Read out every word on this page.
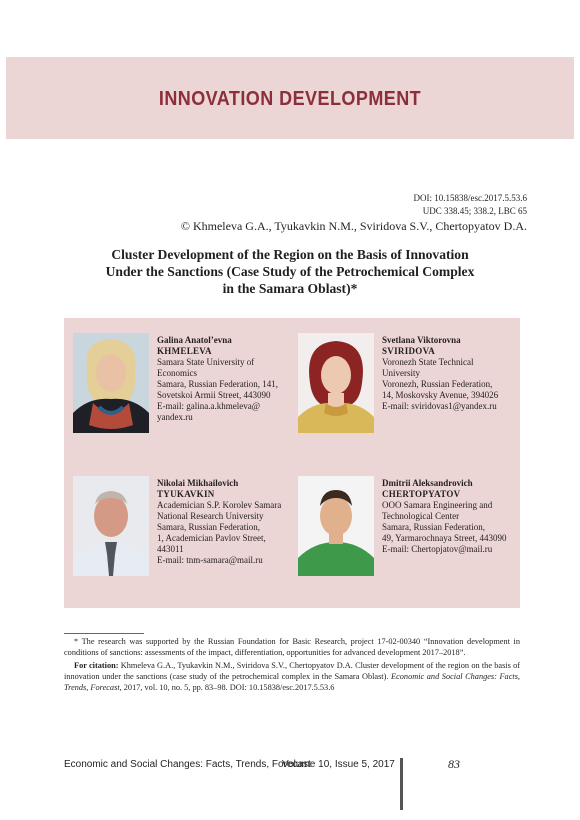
INNOVATION DEVELOPMENT
DOI: 10.15838/esc.2017.5.53.6
UDC 338.45; 338.2, LBC 65
© Khmeleva G.A., Tyukavkin N.M., Sviridova S.V., Chertopyatov D.A.
Cluster Development of the Region on the Basis of Innovation
Under the Sanctions (Case Study of the Petrochemical Complex
in the Samara Oblast)*
Galina Anatol’evna
KHMELEVA
Samara State University of
Economics
Samara, Russian Federation, 141,
Sovetskoi Armii Street, 443090
E-mail: galina.a.khmeleva@
yandex.ru
Svetlana Viktorovna
SVIRIDOVA
Voronezh State Technical
University
Voronezh, Russian Federation,
14, Moskovsky Avenue, 394026
E-mail: sviridovas1@yandex.ru
Nikolai Mikhailovich
TYUKAVKIN
Academician S.P. Korolev Samara
National Research University
Samara, Russian Federation,
1, Academician Pavlov Street,
443011
E-mail: tnm-samara@mail.ru
Dmitrii Aleksandrovich
CHERTOPYATOV
OOO Samara Engineering and
Technological Center
Samara, Russian Federation,
49, Yarmarochnaya Street, 443090
E-mail: Chertopjatov@mail.ru
* The research was supported by the Russian Foundation for Basic Research, project 17-02-00340 “Innovation development in conditions of sanctions: assessments of the impact, differentiation, opportunities for advanced development 2017–2018”.
For citation: Khmeleva G.A., Tyukavkin N.M., Sviridova S.V., Chertopyatov D.A. Cluster development of the region on the basis of innovation under the sanctions (case study of the petrochemical complex in the Samara Oblast). Economic and Social Changes: Facts, Trends, Forecast, 2017, vol. 10, no. 5, pp. 83–98. DOI: 10.15838/esc.2017.5.53.6
Economic and Social Changes: Facts, Trends, Forecast
Volume 10, Issue 5, 2017	83
